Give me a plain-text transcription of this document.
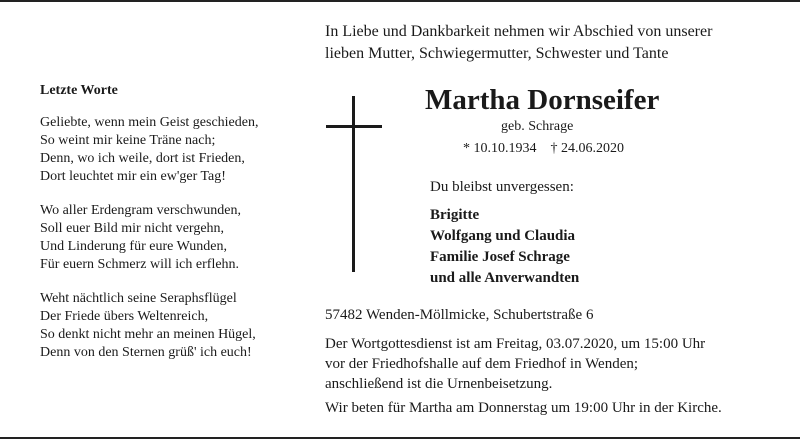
Letzte Worte
Geliebte, wenn mein Geist geschieden,
So weint mir keine Träne nach;
Denn, wo ich weile, dort ist Frieden,
Dort leuchtet mir ein ew'ger Tag!
Wo aller Erdengram verschwunden,
Soll euer Bild mir nicht vergehn,
Und Linderung für eure Wunden,
Für euern Schmerz will ich erflehn.
Weht nächtlich seine Seraphsflügel
Der Friede übers Weltenreich,
So denkt nicht mehr an meinen Hügel,
Denn von den Sternen grüß' ich euch!
In Liebe und Dankbarkeit nehmen wir Abschied von unserer
lieben Mutter, Schwiegermutter, Schwester und Tante
Martha Dornseifer
geb. Schrage
* 10.10.1934 † 24.06.2020
Du bleibst unvergessen:
Brigitte
Wolfgang und Claudia
Familie Josef Schrage
und alle Anverwandten
57482 Wenden-Möllmicke, Schubertstraße 6
Der Wortgottesdienst ist am Freitag, 03.07.2020, um 15:00 Uhr
vor der Friedhofshalle auf dem Friedhof in Wenden;
anschließend ist die Urnenbeisetzung.
Wir beten für Martha am Donnerstag um 19:00 Uhr in der Kirche.
